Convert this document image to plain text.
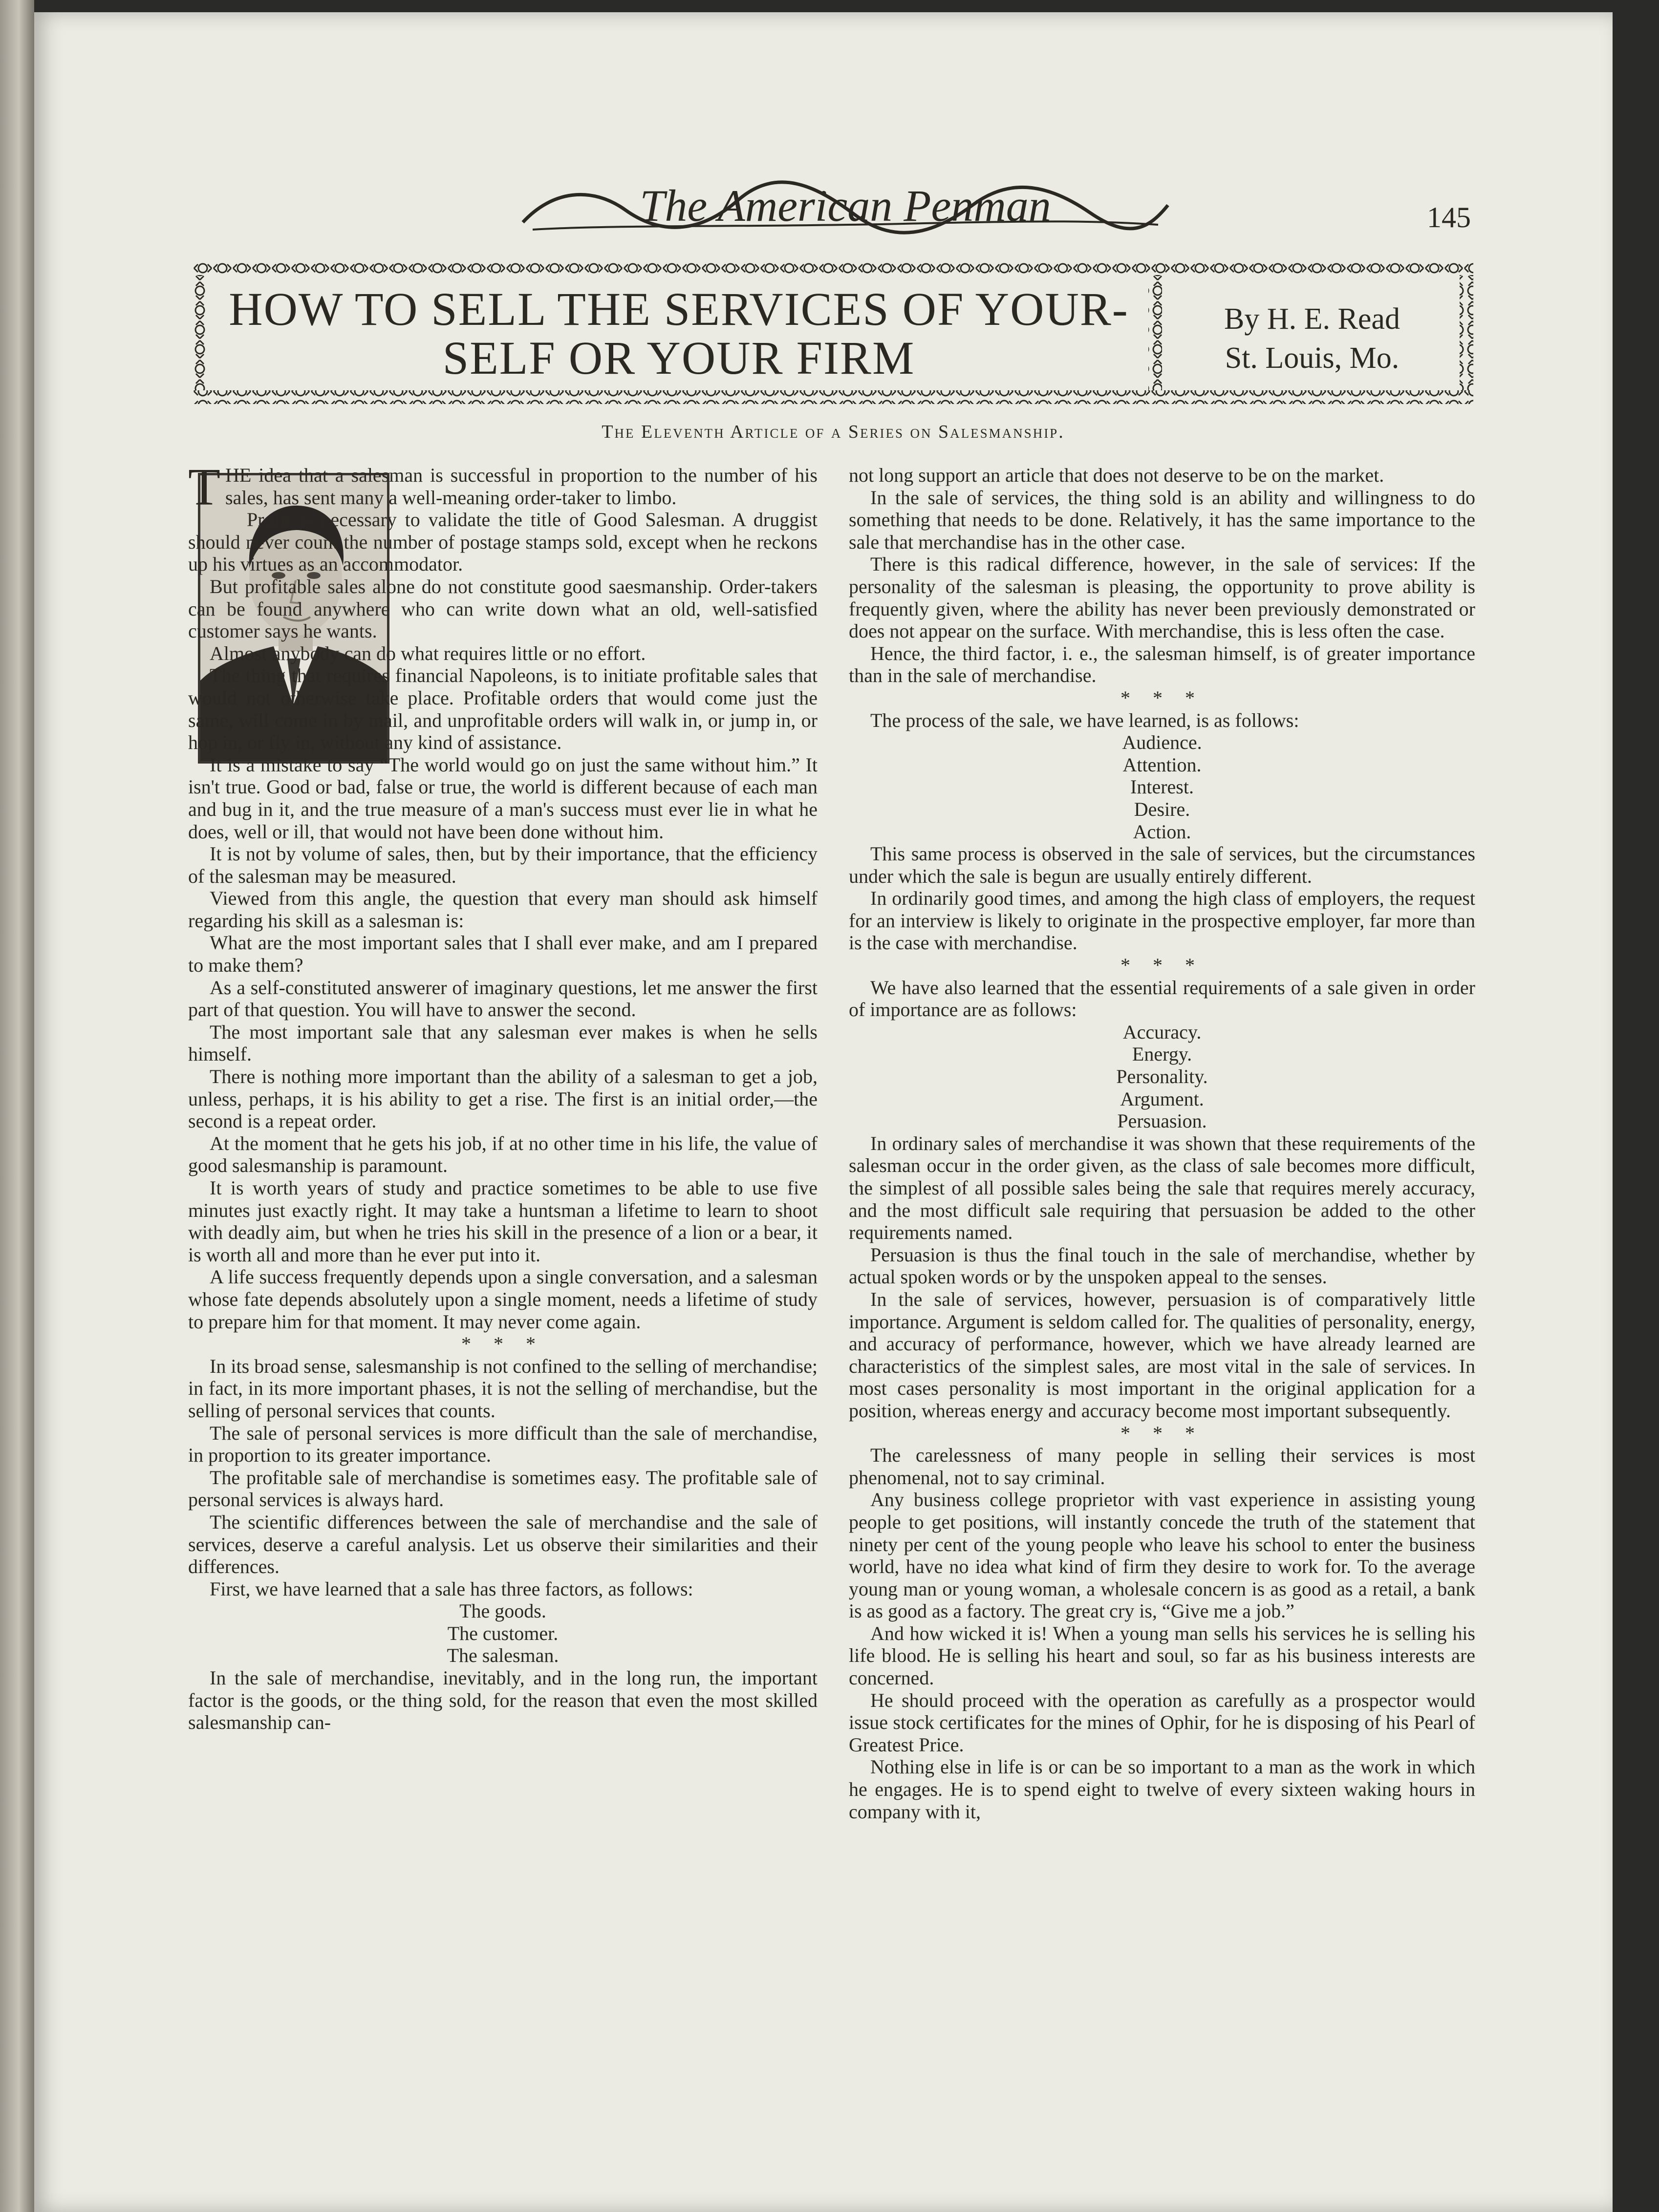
The American Penman	145
HOW TO SELL THE SERVICES OF YOUR-
SELF OR YOUR FIRM
By H. E. Read
St. Louis, Mo.
The Eleventh Article of a Series on Salesmanship.

THE idea that a salesman is successful in proportion to the number of his sales, has sent many a well-meaning order-taker to limbo.

Profit is necessary to validate the title of Good Salesman. A druggist should never count the number of postage stamps sold, except when he reckons up his virtues as an accommodator.

But profitable sales alone do not constitute good saesmanship. Order-takers can be found anywhere who can write down what an old, well-satisfied customer says he wants.

Almost anybody can do what requires little or no effort.

The thing that requires financial Napoleons, is to initiate profitable sales that would not otherwise take place. Profitable orders that would come just the same, will come in by mail, and unprofitable orders will walk in, or jump in, or hop in, or fly in, without any kind of assistance.

It is a mistake to say “The world would go on just the same without him.” It isn't true. Good or bad, false or true, the world is different because of each man and bug in it, and the true measure of a man's success must ever lie in what he does, well or ill, that would not have been done without him.

It is not by volume of sales, then, but by their importance, that the efficiency of the salesman may be measured.

Viewed from this angle, the question that every man should ask himself regarding his skill as a salesman is:

What are the most important sales that I shall ever make, and am I prepared to make them?

As a self-constituted answerer of imaginary questions, let me answer the first part of that question. You will have to answer the second.

The most important sale that any salesman ever makes is when he sells himself.

There is nothing more important than the ability of a salesman to get a job, unless, perhaps, it is his ability to get a rise. The first is an initial order,—the second is a repeat order.

At the moment that he gets his job, if at no other time in his life, the value of good salesmanship is paramount.

It is worth years of study and practice sometimes to be able to use five minutes just exactly right. It may take a huntsman a lifetime to learn to shoot with deadly aim, but when he tries his skill in the presence of a lion or a bear, it is worth all and more than he ever put into it.

A life success frequently depends upon a single conversation, and a salesman whose fate depends absolutely upon a single moment, needs a lifetime of study to prepare him for that moment. It may never come again.

* * *

In its broad sense, salesmanship is not confined to the selling of merchandise; in fact, in its more important phases, it is not the selling of merchandise, but the selling of personal services that counts.

The sale of personal services is more difficult than the sale of merchandise, in proportion to its greater importance.

The profitable sale of merchandise is sometimes easy. The profitable sale of personal services is always hard.

The scientific differences between the sale of merchandise and the sale of services, deserve a careful analysis. Let us observe their similarities and their differences.

First, we have learned that a sale has three factors, as follows:

The goods.

The customer.

The salesman.

In the sale of merchandise, inevitably, and in the long run, the important factor is the goods, or the thing sold, for the reason that even the most skilled salesmanship can-

not long support an article that does not deserve to be on the market.

In the sale of services, the thing sold is an ability and willingness to do something that needs to be done. Relatively, it has the same importance to the sale that merchandise has in the other case.

There is this radical difference, however, in the sale of services: If the personality of the salesman is pleasing, the opportunity to prove ability is frequently given, where the ability has never been previously demonstrated or does not appear on the surface. With merchandise, this is less often the case.

Hence, the third factor, i. e., the salesman himself, is of greater importance than in the sale of merchandise.

* * *

The process of the sale, we have learned, is as follows:

Audience.

Attention.

Interest.

Desire.

Action.

This same process is observed in the sale of services, but the circumstances under which the sale is begun are usually entirely different.

In ordinarily good times, and among the high class of employers, the request for an interview is likely to originate in the prospective employer, far more than is the case with merchandise.

* * *

We have also learned that the essential requirements of a sale given in order of importance are as follows:

Accuracy.

Energy.

Personality.

Argument.

Persuasion.

In ordinary sales of merchandise it was shown that these requirements of the salesman occur in the order given, as the class of sale becomes more difficult, the simplest of all possible sales being the sale that requires merely accuracy, and the most difficult sale requiring that persuasion be added to the other requirements named.

Persuasion is thus the final touch in the sale of merchandise, whether by actual spoken words or by the unspoken appeal to the senses.

In the sale of services, however, persuasion is of comparatively little importance. Argument is seldom called for. The qualities of personality, energy, and accuracy of performance, however, which we have already learned are characteristics of the simplest sales, are most vital in the sale of services. In most cases personality is most important in the original application for a position, whereas energy and accuracy become most important subsequently.

* * *

The carelessness of many people in selling their services is most phenomenal, not to say criminal.

Any business college proprietor with vast experience in assisting young people to get positions, will instantly concede the truth of the statement that ninety per cent of the young people who leave his school to enter the business world, have no idea what kind of firm they desire to work for. To the average young man or young woman, a wholesale concern is as good as a retail, a bank is as good as a factory. The great cry is, “Give me a job.”

And how wicked it is! When a young man sells his services he is selling his life blood. He is selling his heart and soul, so far as his business interests are concerned.

He should proceed with the operation as carefully as a prospector would issue stock certificates for the mines of Ophir, for he is disposing of his Pearl of Greatest Price.

Nothing else in life is or can be so important to a man as the work in which he engages. He is to spend eight to twelve of every sixteen waking hours in company with it,
